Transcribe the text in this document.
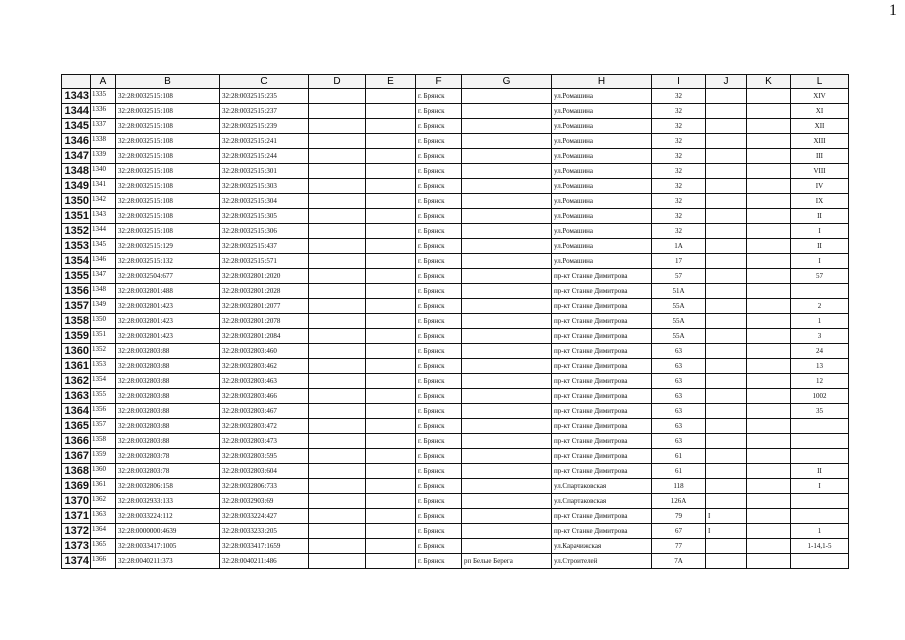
1
	A	B	C	D	E	F	G	H	I	J	K	L
1343	1335	32:28:0032515:108	32:28:0032515:235			г. Брянск		ул.Ромашина	32			XIV
1344	1336	32:28:0032515:108	32:28:0032515:237			г. Брянск		ул.Ромашина	32			XI
1345	1337	32:28:0032515:108	32:28:0032515:239			г. Брянск		ул.Ромашина	32			XII
1346	1338	32:28:0032515:108	32:28:0032515:241			г. Брянск		ул.Ромашина	32			XIII
1347	1339	32:28:0032515:108	32:28:0032515:244			г. Брянск		ул.Ромашина	32			III
1348	1340	32:28:0032515:108	32:28:0032515:301			г. Брянск		ул.Ромашина	32			VIII
1349	1341	32:28:0032515:108	32:28:0032515:303			г. Брянск		ул.Ромашина	32			IV
1350	1342	32:28:0032515:108	32:28:0032515:304			г. Брянск		ул.Ромашина	32			IX
1351	1343	32:28:0032515:108	32:28:0032515:305			г. Брянск		ул.Ромашина	32			II
1352	1344	32:28:0032515:108	32:28:0032515:306			г. Брянск		ул.Ромашина	32			I
1353	1345	32:28:0032515:129	32:28:0032515:437			г. Брянск		ул.Ромашина	1А			II
1354	1346	32:28:0032515:132	32:28:0032515:571			г. Брянск		ул.Ромашина	17			I
1355	1347	32:28:0032504:677	32:28:0032801:2020			г. Брянск		пр-кт Станке Димитрова	57			57
1356	1348	32:28:0032801:488	32:28:0032801:2028			г. Брянск		пр-кт Станке Димитрова	51А			
1357	1349	32:28:0032801:423	32:28:0032801:2077			г. Брянск		пр-кт Станке Димитрова	55А			2
1358	1350	32:28:0032801:423	32:28:0032801:2078			г. Брянск		пр-кт Станке Димитрова	55А			1
1359	1351	32:28:0032801:423	32:28:0032801:2084			г. Брянск		пр-кт Станке Димитрова	55А			3
1360	1352	32:28:0032803:88	32:28:0032803:460			г. Брянск		пр-кт Станке Димитрова	63			24
1361	1353	32:28:0032803:88	32:28:0032803:462			г. Брянск		пр-кт Станке Димитрова	63			13
1362	1354	32:28:0032803:88	32:28:0032803:463			г. Брянск		пр-кт Станке Димитрова	63			12
1363	1355	32:28:0032803:88	32:28:0032803:466			г. Брянск		пр-кт Станке Димитрова	63			1002
1364	1356	32:28:0032803:88	32:28:0032803:467			г. Брянск		пр-кт Станке Димитрова	63			35
1365	1357	32:28:0032803:88	32:28:0032803:472			г. Брянск		пр-кт Станке Димитрова	63			
1366	1358	32:28:0032803:88	32:28:0032803:473			г. Брянск		пр-кт Станке Димитрова	63			
1367	1359	32:28:0032803:78	32:28:0032803:595			г. Брянск		пр-кт Станке Димитрова	61			
1368	1360	32:28:0032803:78	32:28:0032803:604			г. Брянск		пр-кт Станке Димитрова	61			II
1369	1361	32:28:0032806:158	32:28:0032806:733			г. Брянск		ул.Спартаковская	118			I
1370	1362	32:28:0032933:133	32:28:0032903:69			г. Брянск		ул.Спартаковская	126А			
1371	1363	32:28:0033224:112	32:28:0033224:427			г. Брянск		пр-кт Станке Димитрова	79	I		
1372	1364	32:28:0000000:4639	32:28:0033233:205			г. Брянск		пр-кт Станке Димитрова	67	I		1
1373	1365	32:28:0033417:1005	32:28:0033417:1659			г. Брянск		ул.Карачижская	77			1-14,1-5
1374	1366	32:28:0040211:373	32:28:0040211:486			г. Брянск	рп Белые Берега	ул.Строителей	7А			
